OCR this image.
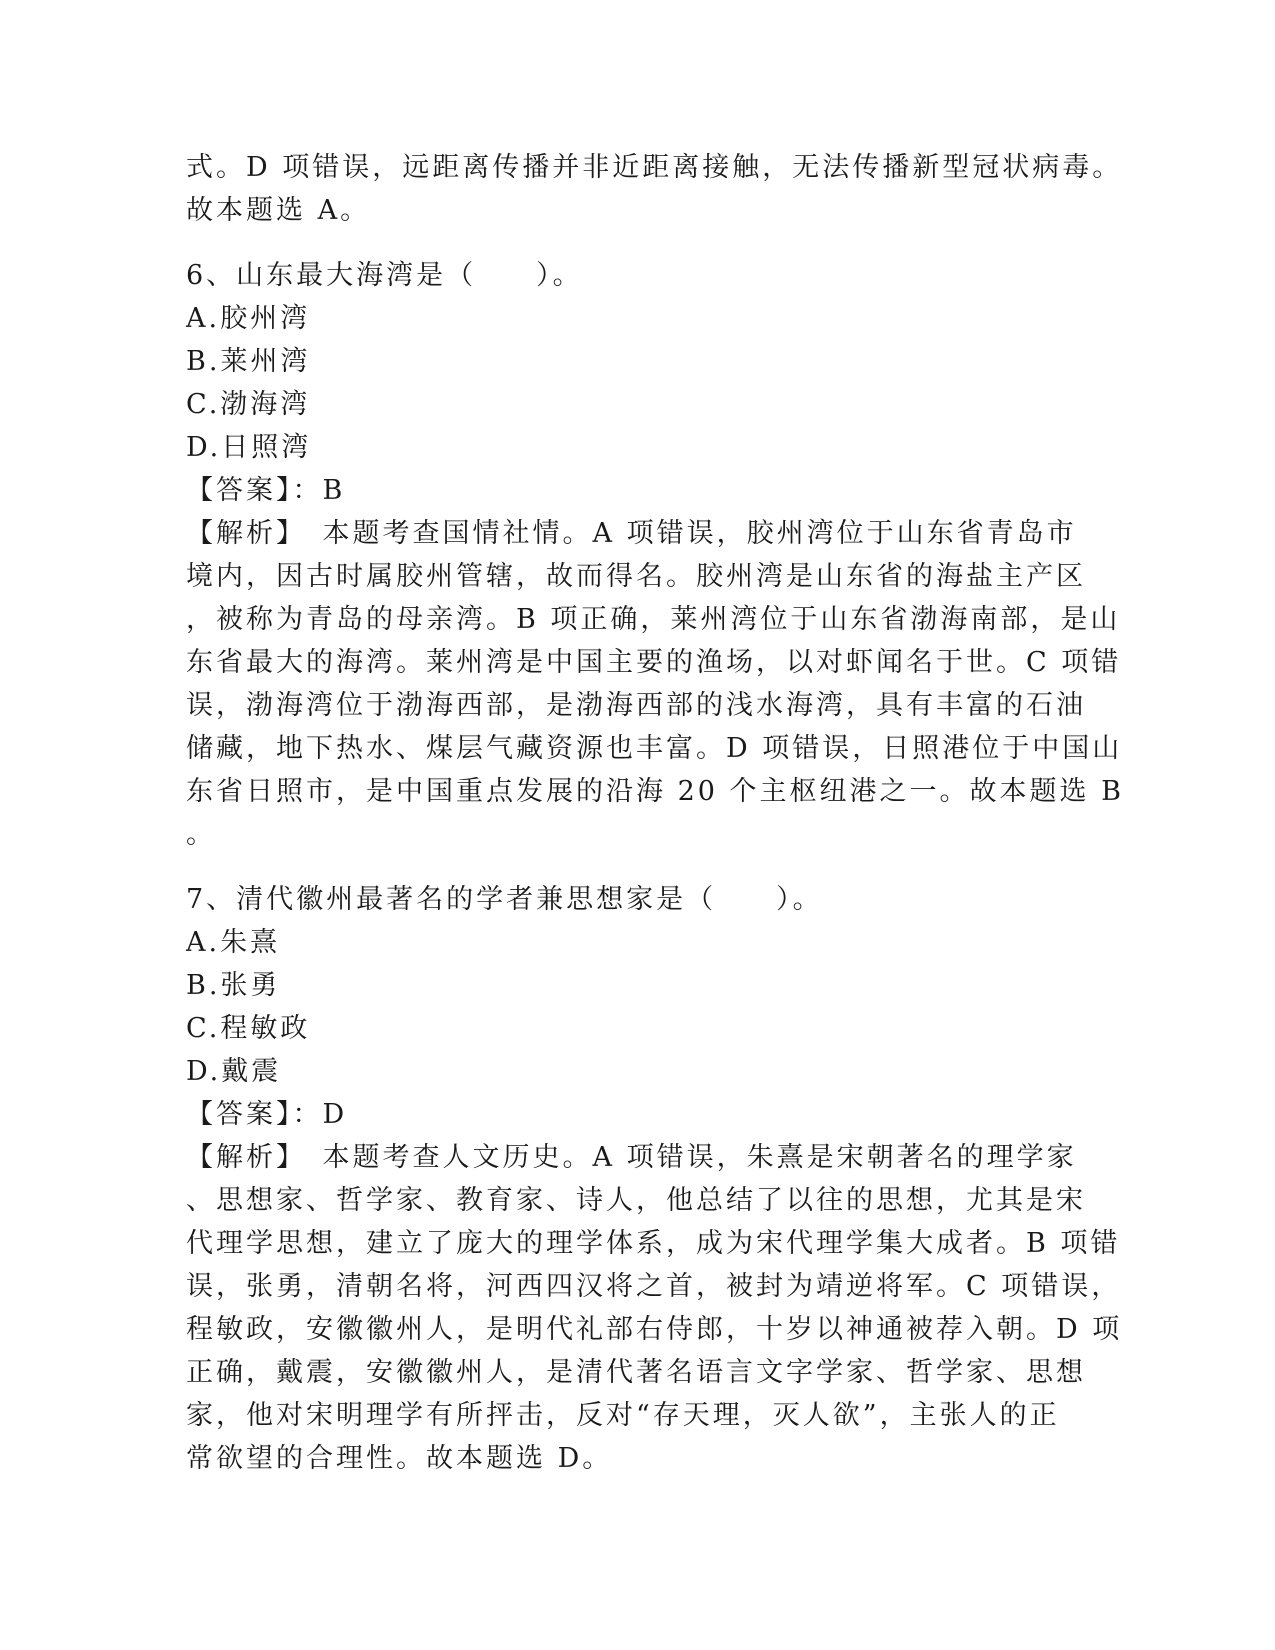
式。D 项错误，远距离传播并非近距离接触，无法传播新型冠状病毒。
故本题选 A。
6、山东最大海湾是（　　）。
A.胶州湾
B.莱州湾
C.渤海湾
D.日照湾
【答案】：B
【解析】　本题考查国情社情。A 项错误，胶州湾位于山东省青岛市
境内，因古时属胶州管辖，故而得名。胶州湾是山东省的海盐主产区
，被称为青岛的母亲湾。B 项正确，莱州湾位于山东省渤海南部，是山
东省最大的海湾。莱州湾是中国主要的渔场，以对虾闻名于世。C 项错
误，渤海湾位于渤海西部，是渤海西部的浅水海湾，具有丰富的石油
储藏，地下热水、煤层气藏资源也丰富。D 项错误，日照港位于中国山
东省日照市，是中国重点发展的沿海 20 个主枢纽港之一。故本题选 B
。
7、清代徽州最著名的学者兼思想家是（　　）。
A.朱熹
B.张勇
C.程敏政
D.戴震
【答案】：D
【解析】　本题考查人文历史。A 项错误，朱熹是宋朝著名的理学家
、思想家、哲学家、教育家、诗人，他总结了以往的思想，尤其是宋
代理学思想，建立了庞大的理学体系，成为宋代理学集大成者。B 项错
误，张勇，清朝名将，河西四汉将之首，被封为靖逆将军。C 项错误，
程敏政，安徽徽州人，是明代礼部右侍郎，十岁以神通被荐入朝。D 项
正确，戴震，安徽徽州人，是清代著名语言文字学家、哲学家、思想
家，他对宋明理学有所抨击，反对“存天理，灭人欲”，主张人的正
常欲望的合理性。故本题选 D。
